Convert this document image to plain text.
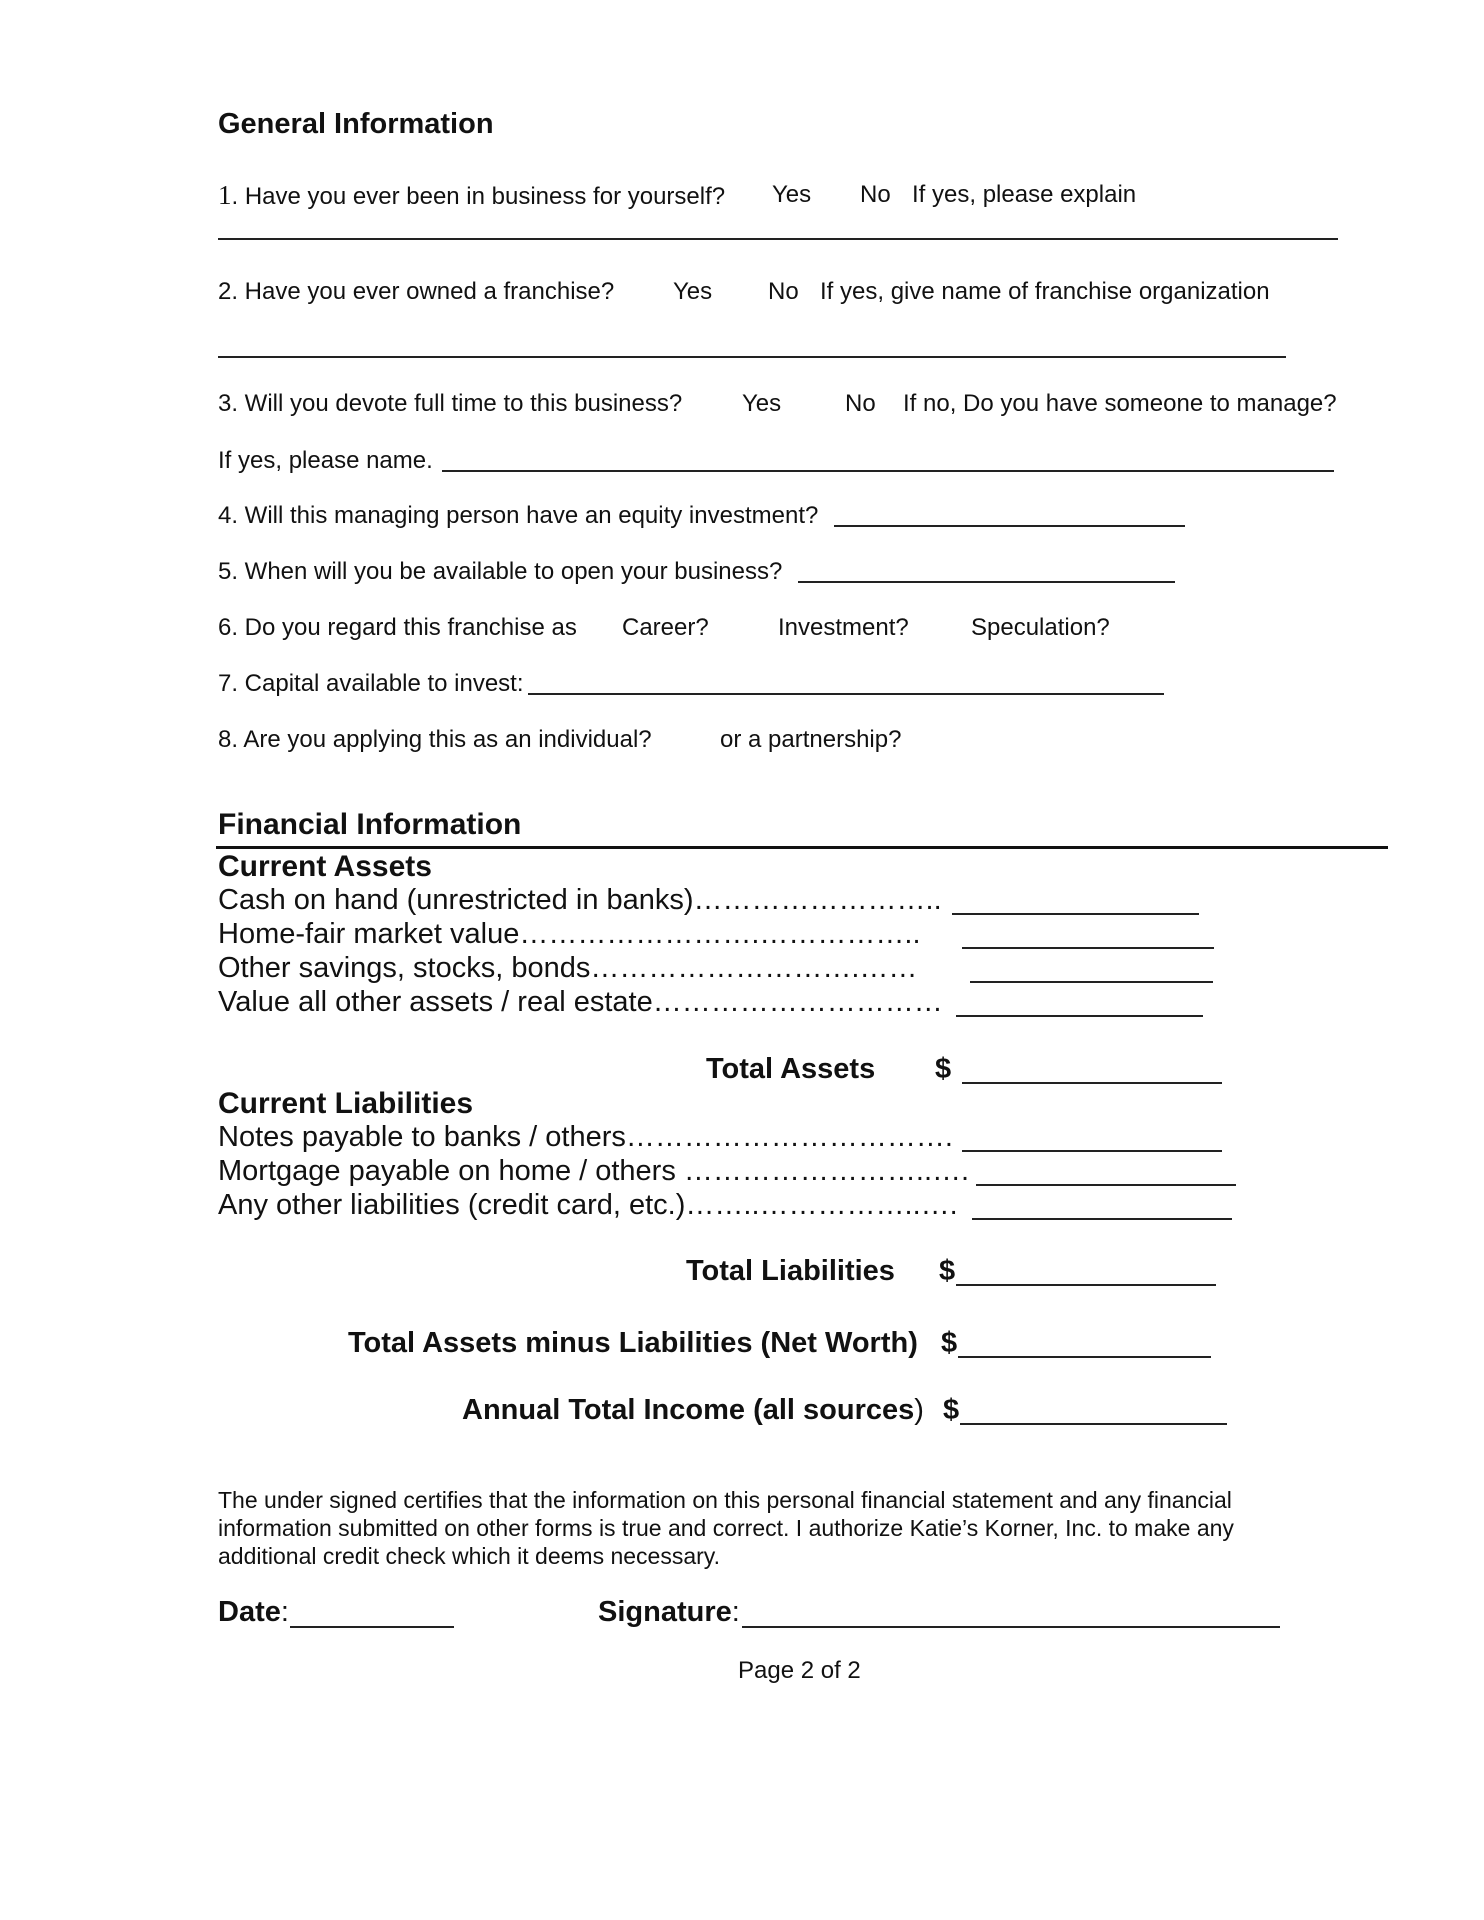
General Information
1. Have you ever been in business for yourself? Yes No If yes, please explain
2. Have you ever owned a franchise? Yes No If yes, give name of franchise organization
3. Will you devote full time to this business? Yes	No If no, Do you have someone to manage?
If yes, please name.
4. Will this managing person have an equity investment?
5. When will you be available to open your business?
6. Do you regard this franchise as Career?	Investment?	Speculation?
7. Capital available to invest:
8. Are you applying this as an individual?	or a partnership?
Financial Information
Current Assets
Cash on hand (unrestricted in banks)……………………..
Home-fair market value…………………….……………..
Other savings, stocks, bonds……………………….……
Value all other assets / real estate…………………………
Total Assets $
Current Liabilities
Notes payable to banks / others…………………………….
Mortgage payable on home / others ……………………..….
Any other liabilities (credit card, etc.)……..……………..….
Total Liabilities $
Total Assets minus Liabilities (Net Worth) $
Annual Total Income (all sources) $
The under signed certifies that the information on this personal financial statement and any financial information submitted on other forms is true and correct. I authorize Katie’s Korner, Inc. to make any additional credit check which it deems necessary.
Date:	Signature:
Page 2 of 2
